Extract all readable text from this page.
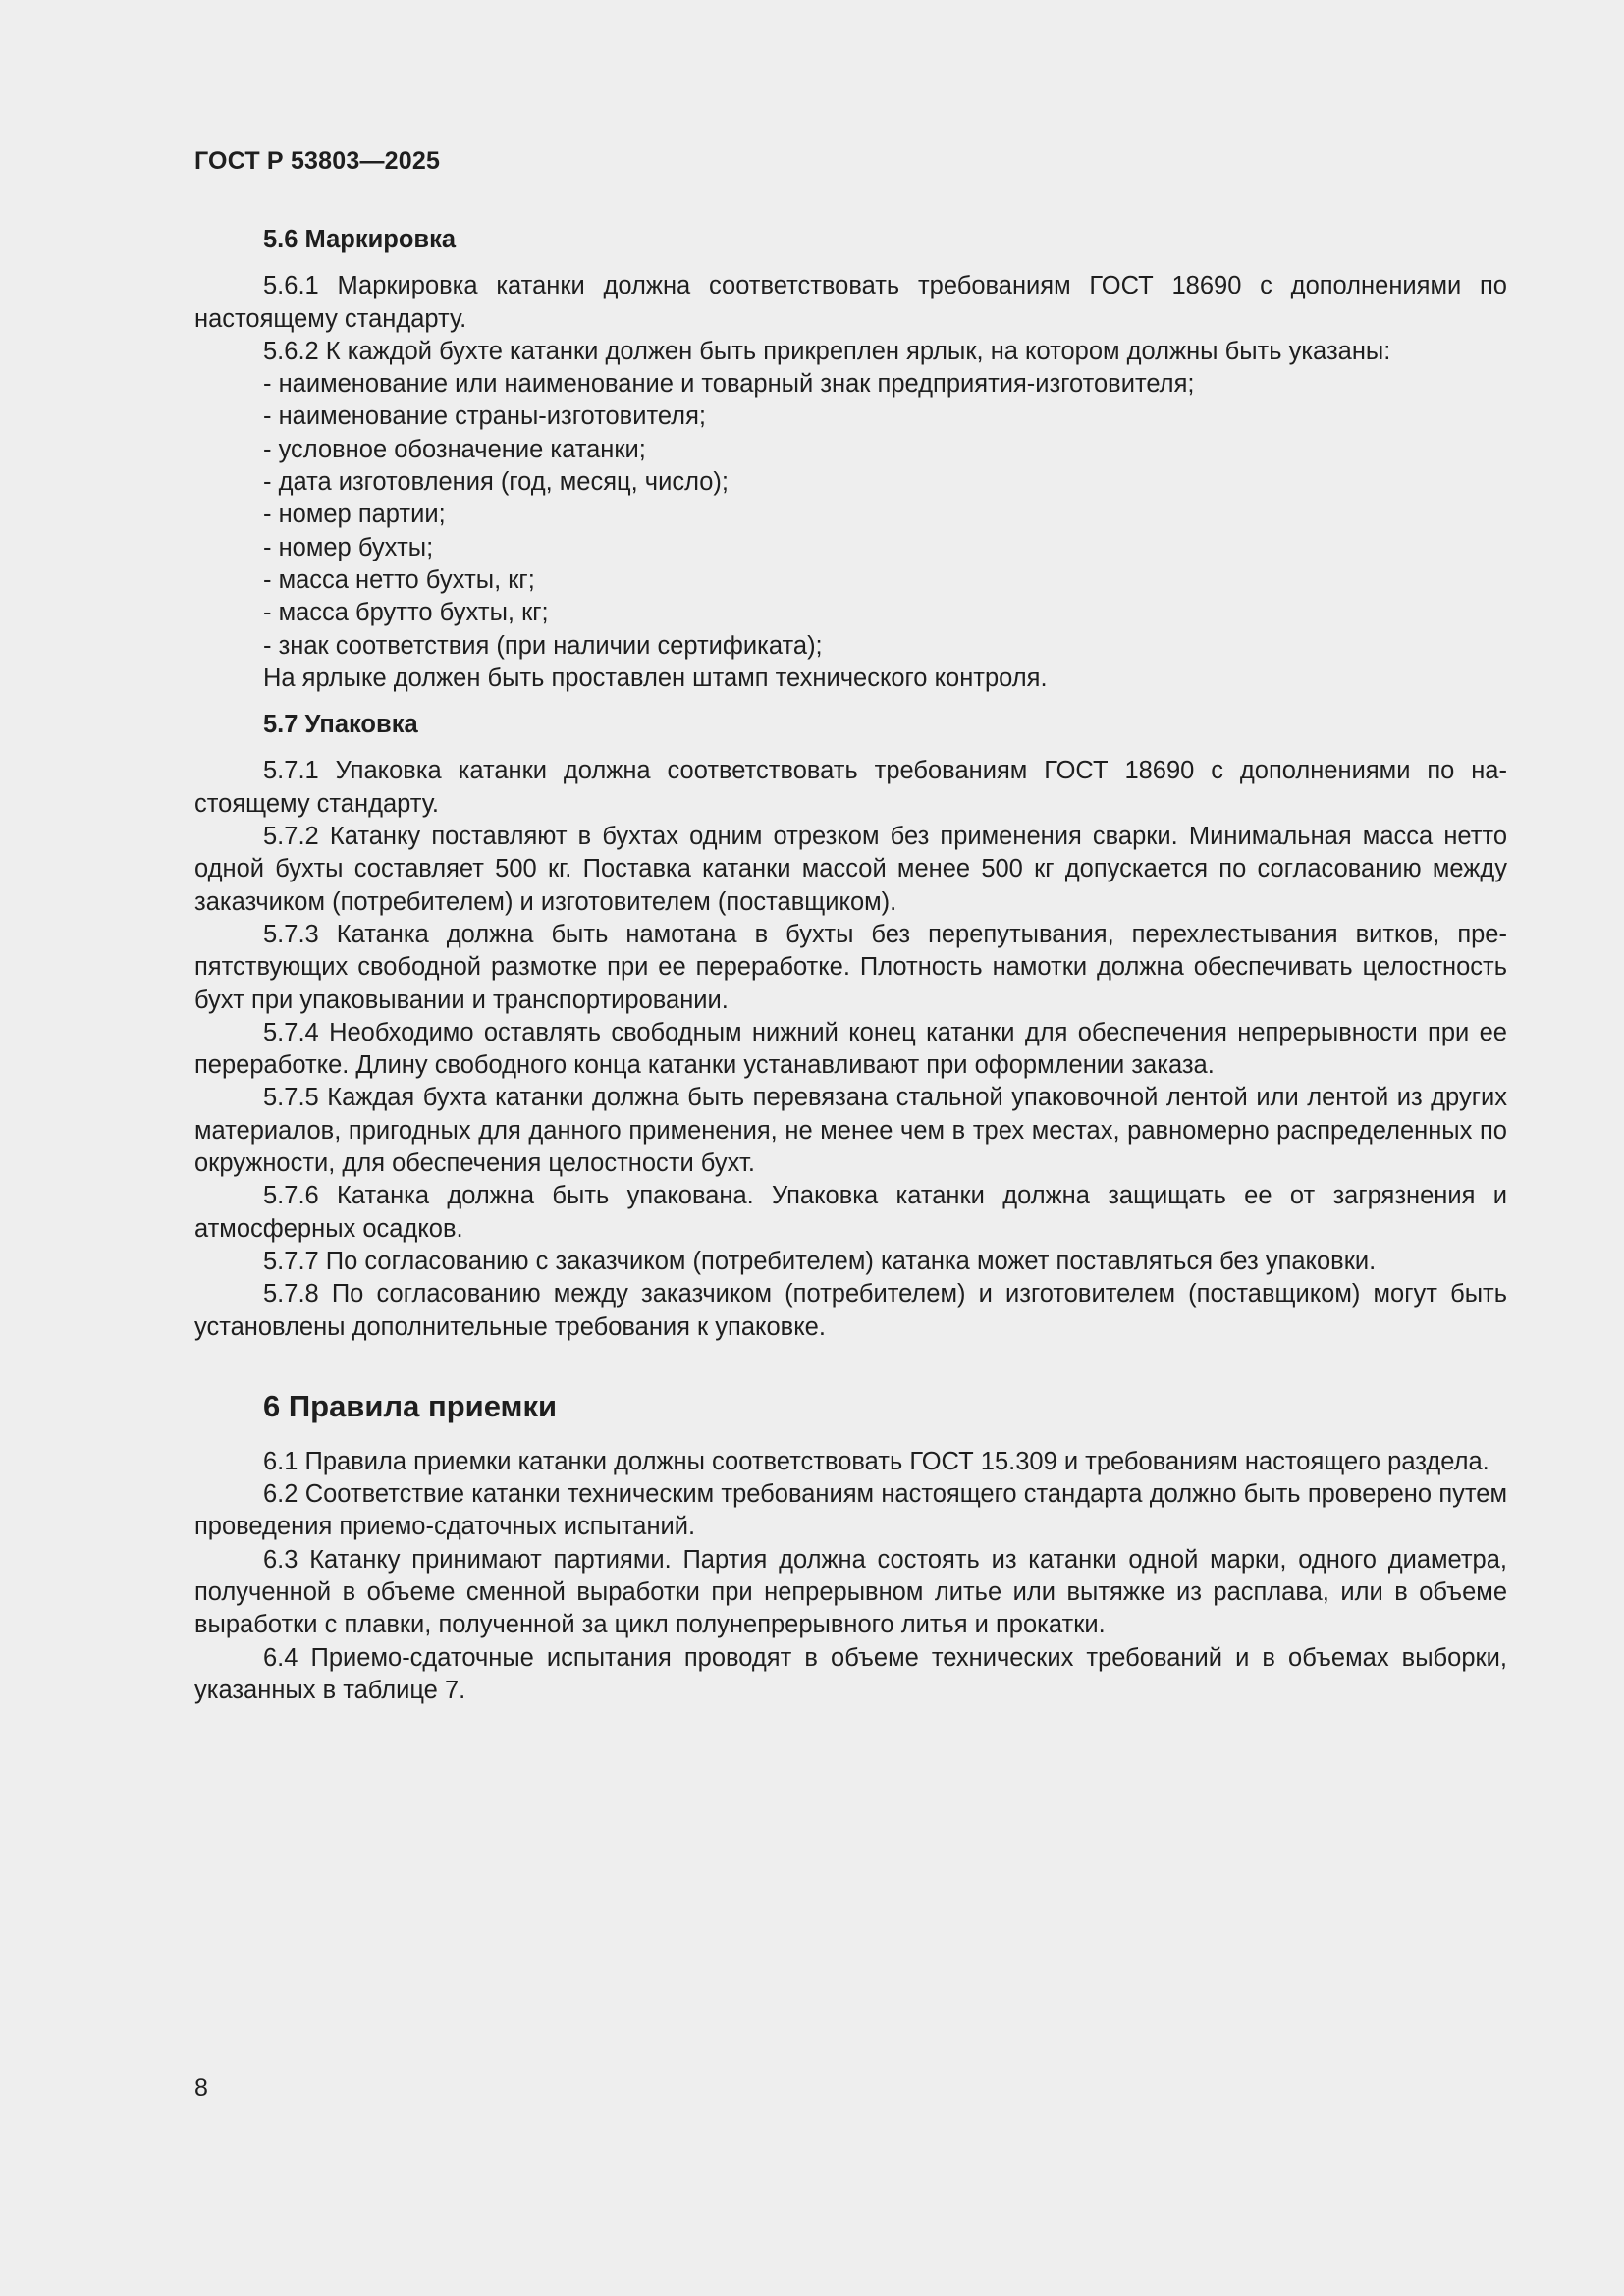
ГОСТ Р 53803—2025
5.6 Маркировка

5.6.1 Маркировка катанки должна соответствовать требованиям ГОСТ 18690 с дополнениями по настоящему стандарту.

5.6.2 К каждой бухте катанки должен быть прикреплен ярлык, на котором должны быть указаны:

- наименование или наименование и товарный знак предприятия-изготовителя;
- наименование страны-изготовителя;
- условное обозначение катанки;
- дата изготовления (год, месяц, число);
- номер партии;
- номер бухты;
- масса нетто бухты, кг;
- масса брутто бухты, кг;
- знак соответствия (при наличии сертификата);
На ярлыке должен быть проставлен штамп технического контроля.
5.7 Упаковка

5.7.1 Упаковка катанки должна соответствовать требованиям ГОСТ 18690 с дополнениями по настоящему стандарту.

5.7.2 Катанку поставляют в бухтах одним отрезком без применения сварки. Минимальная масса нетто одной бухты составляет 500 кг. Поставка катанки массой менее 500 кг допускается по согласованию между заказчиком (потребителем) и изготовителем (поставщиком).

5.7.3 Катанка должна быть намотана в бухты без перепутывания, перехлестывания витков, препятствующих свободной размотке при ее переработке. Плотность намотки должна обеспечивать целостность бухт при упаковывании и транспортировании.

5.7.4 Необходимо оставлять свободным нижний конец катанки для обеспечения непрерывности при ее переработке. Длину свободного конца катанки устанавливают при оформлении заказа.

5.7.5 Каждая бухта катанки должна быть перевязана стальной упаковочной лентой или лентой из других материалов, пригодных для данного применения, не менее чем в трех местах, равномерно распределенных по окружности, для обеспечения целостности бухт.

5.7.6 Катанка должна быть упакована. Упаковка катанки должна защищать ее от загрязнения и атмосферных осадков.

5.7.7 По согласованию с заказчиком (потребителем) катанка может поставляться без упаковки.

5.7.8 По согласованию между заказчиком (потребителем) и изготовителем (поставщиком) могут быть установлены дополнительные требования к упаковке.

6 Правила приемки

6.1 Правила приемки катанки должны соответствовать ГОСТ 15.309 и требованиям настоящего раздела.

6.2 Соответствие катанки техническим требованиям настоящего стандарта должно быть проверено путем проведения приемо-сдаточных испытаний.

6.3 Катанку принимают партиями. Партия должна состоять из катанки одной марки, одного диаметра, полученной в объеме сменной выработки при непрерывном литье или вытяжке из расплава, или в объеме выработки с плавки, полученной за цикл полунепрерывного литья и прокатки.

6.4 Приемо-сдаточные испытания проводят в объеме технических требований и в объемах выборки, указанных в таблице 7.

8
